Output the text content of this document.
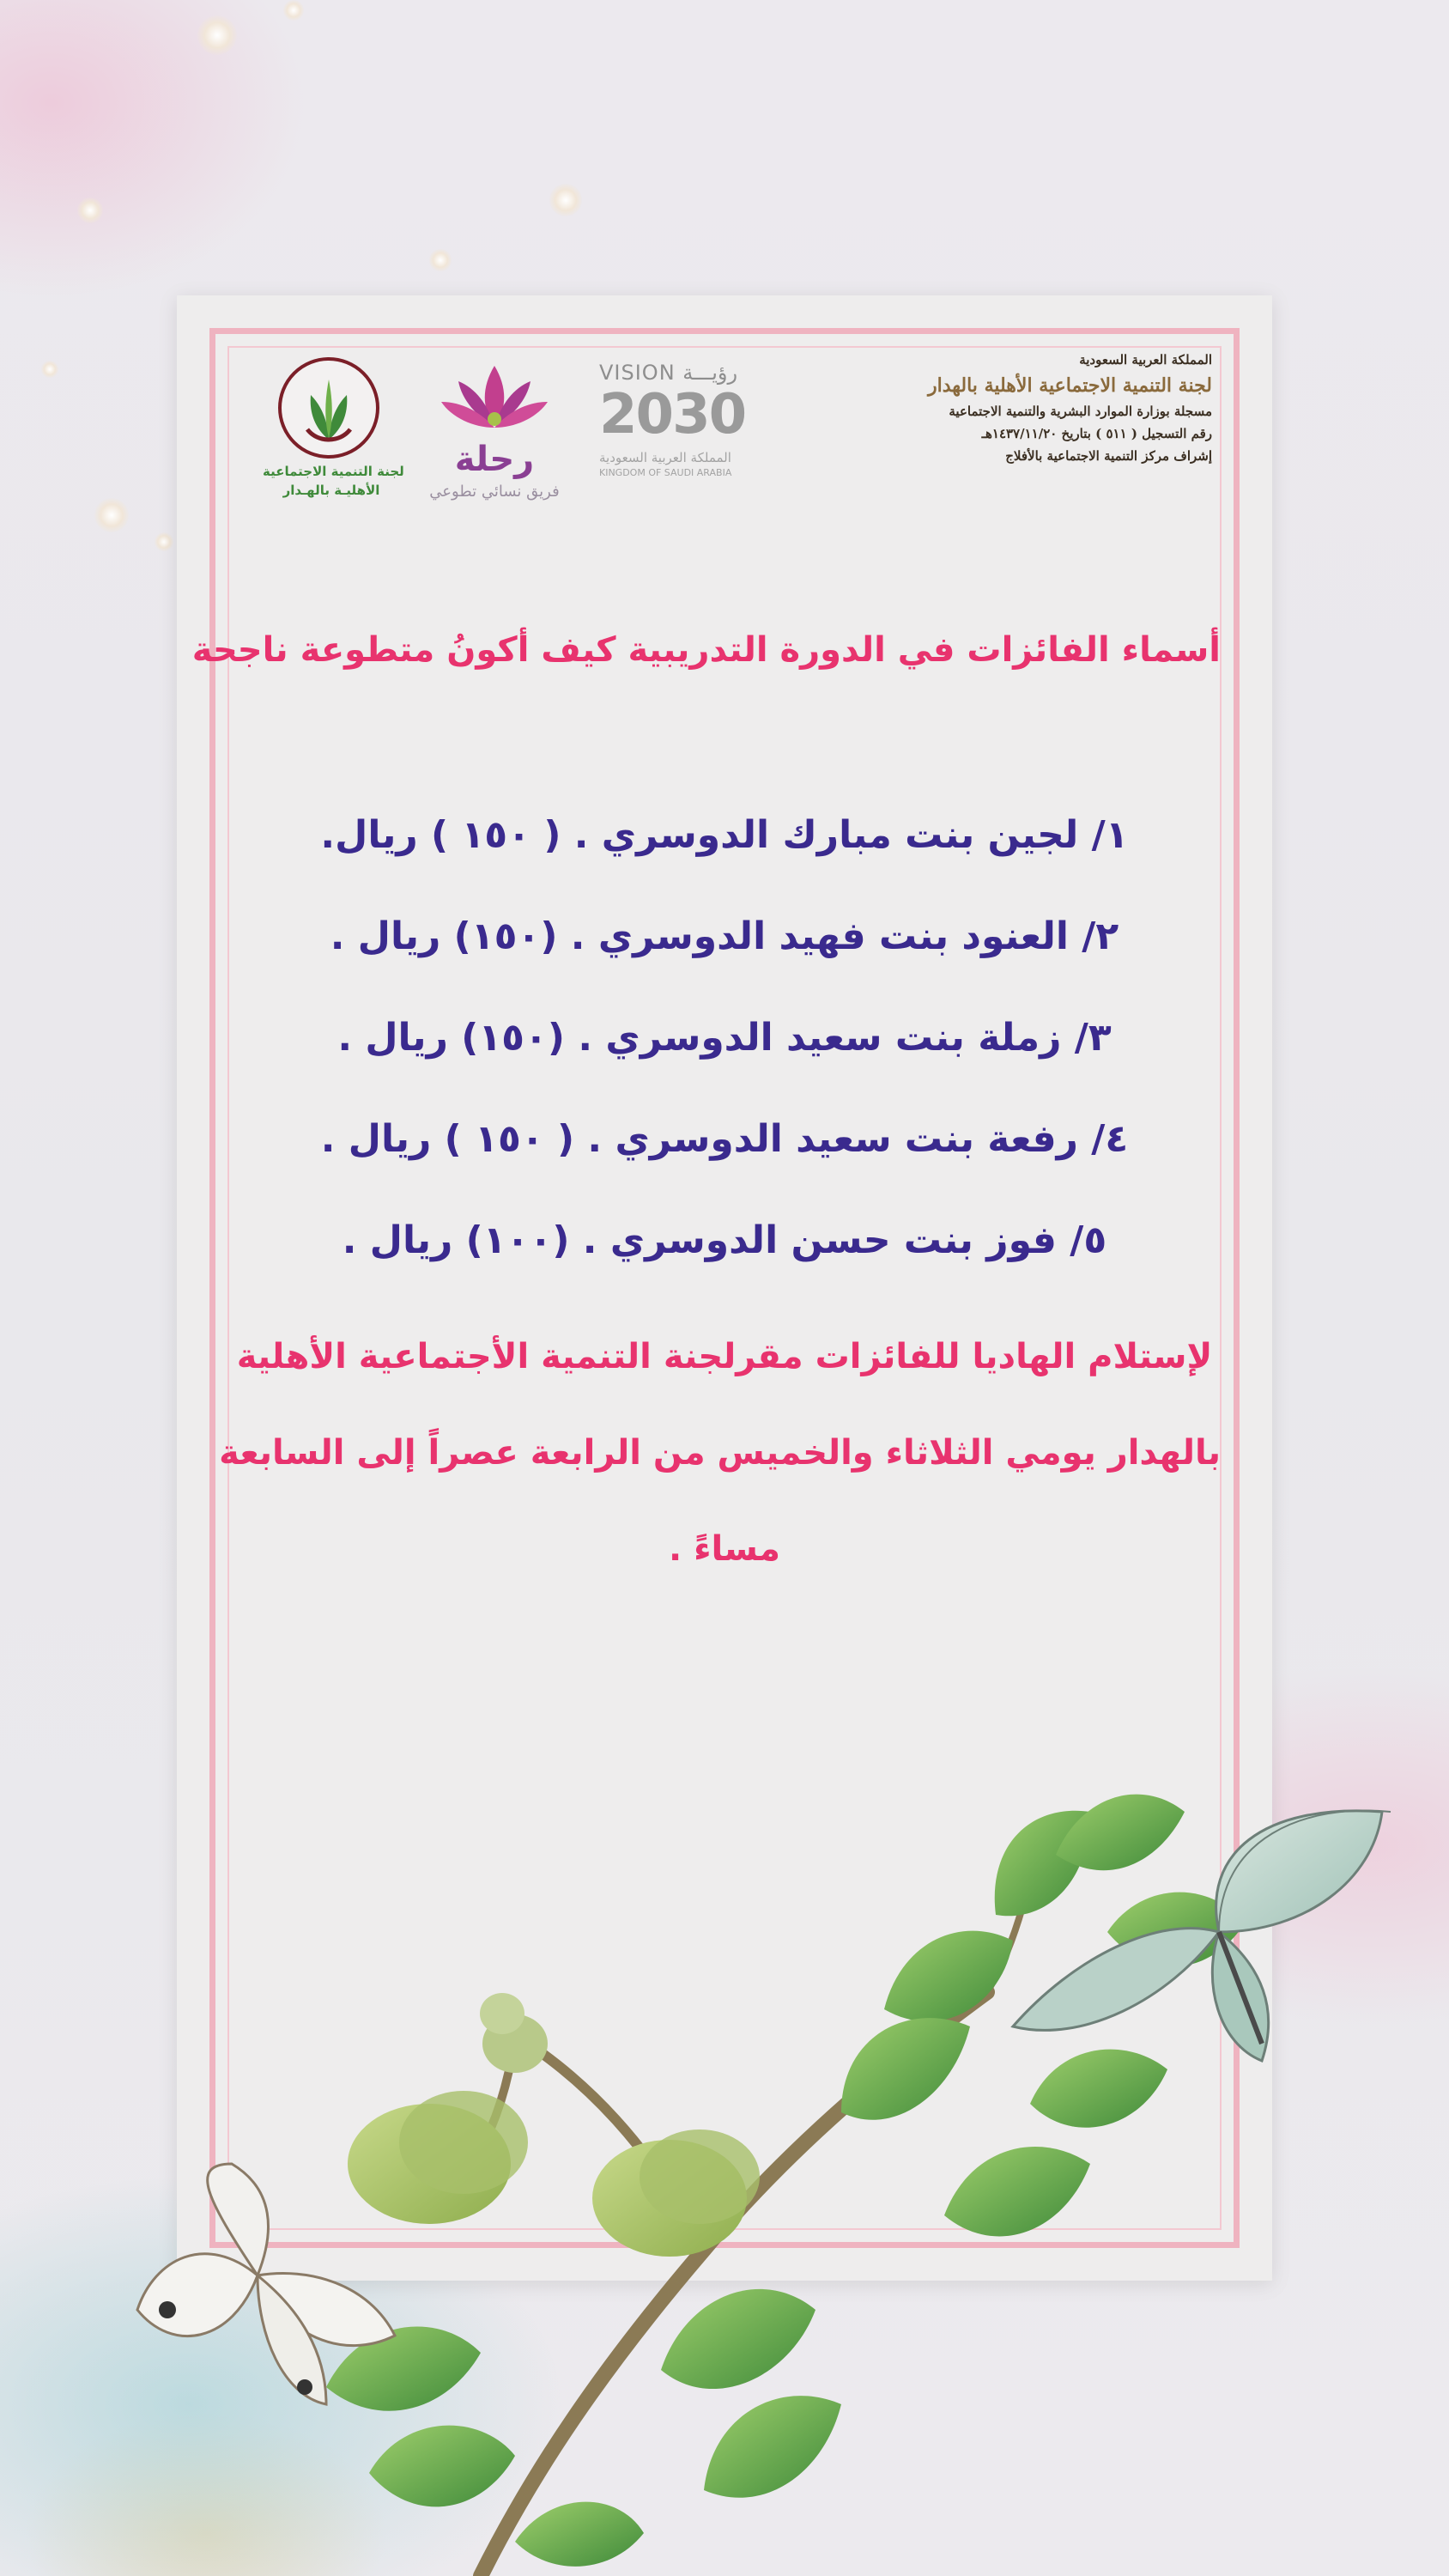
المملكة العربية السعودية
لجنة التنمية الاجتماعية الأهلية بالهدار
مسجلة بوزارة الموارد البشرية والتنمية الاجتماعية
رقم التسجيل ( ٥١١ ) بتاريخ ١٤٣٧/١١/٢٠هـ
إشراف مركز التنمية الاجتماعية بالأفلاج
VISION رؤيـــة
2030
المملكة العربية السعودية
KINGDOM OF SAUDI ARABIA
رحلة
فريق نسائي تطوعي
لجنة التنمية الاجتماعية
الأهليـة بالهـدار
أسماء الفائزات في الدورة التدريبية كيف أكونُ متطوعة ناجحة
١/ لجين بنت مبارك الدوسري . ( ١٥٠ ) ريال.
٢/ العنود بنت فهيد الدوسري . (١٥٠) ريال .
٣/ زملة بنت سعيد الدوسري . (١٥٠) ريال .
٤/ رفعة بنت سعيد الدوسري . ( ١٥٠ ) ريال .
٥/ فوز بنت حسن الدوسري . (١٠٠) ريال .
لإستلام الهاديا للفائزات مقرلجنة التنمية الأجتماعية الأهلية
بالهدار يومي الثلاثاء والخميس من الرابعة عصراً إلى السابعة
مساءً .
